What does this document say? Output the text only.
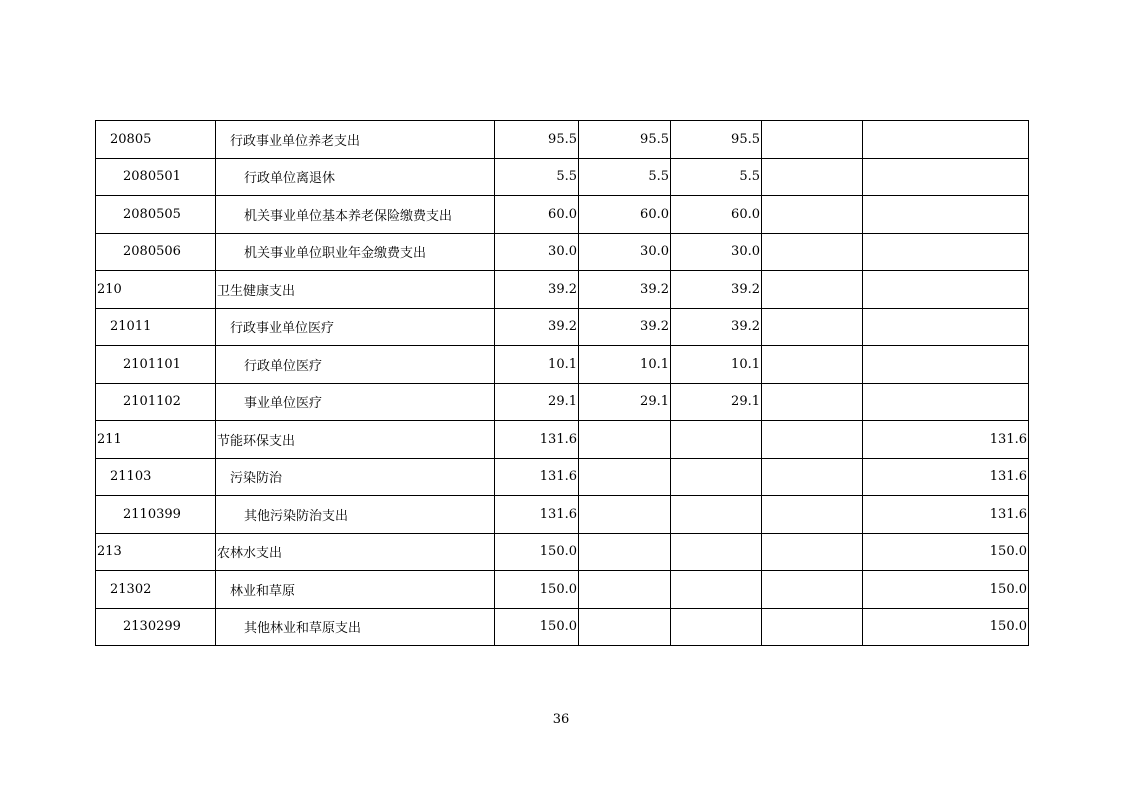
20805	行政事业单位养老支出	95.5	95.5	95.5		
2080501	行政单位离退休	5.5	5.5	5.5		
2080505	机关事业单位基本养老保险缴费支出	60.0	60.0	60.0		
2080506	机关事业单位职业年金缴费支出	30.0	30.0	30.0		
210	卫生健康支出	39.2	39.2	39.2		
21011	行政事业单位医疗	39.2	39.2	39.2		
2101101	行政单位医疗	10.1	10.1	10.1		
2101102	事业单位医疗	29.1	29.1	29.1		
211	节能环保支出	131.6				131.6
21103	污染防治	131.6				131.6
2110399	其他污染防治支出	131.6				131.6
213	农林水支出	150.0				150.0
21302	林业和草原	150.0				150.0
2130299	其他林业和草原支出	150.0				150.0
36
